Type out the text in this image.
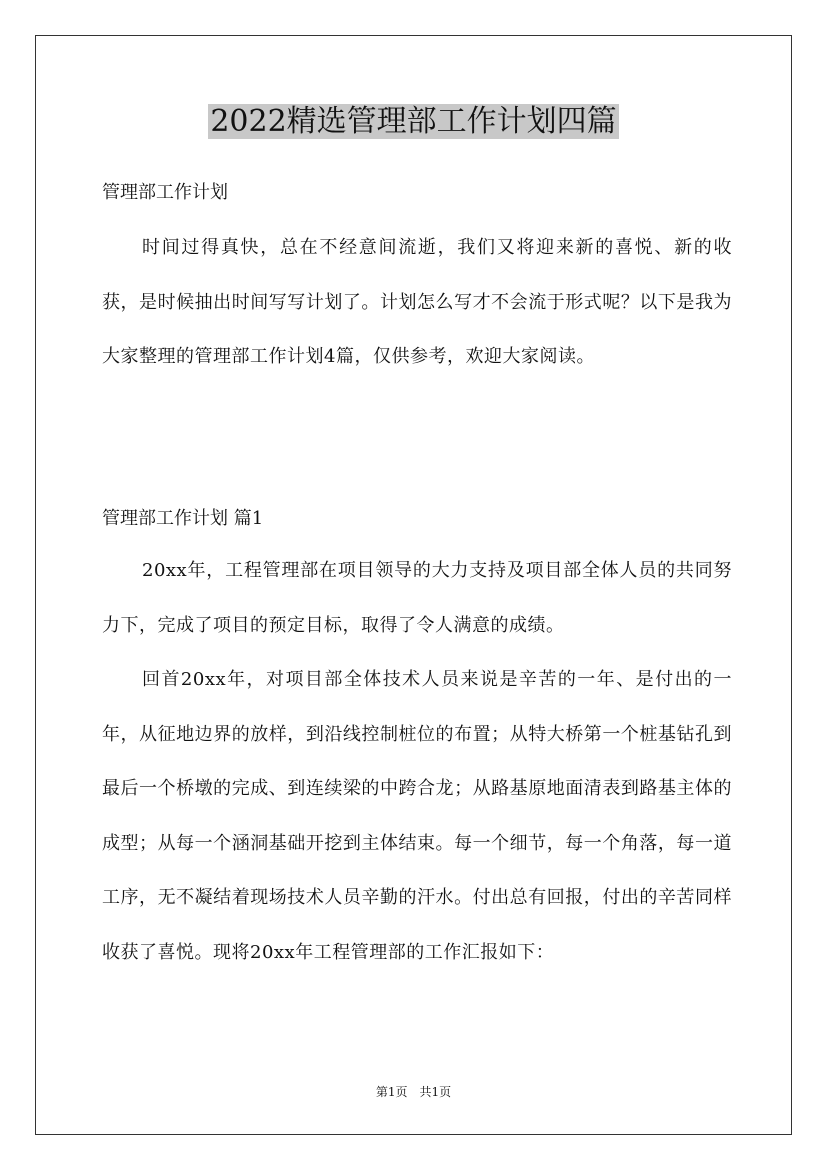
2022精选管理部工作计划四篇
管理部工作计划
时间过得真快，总在不经意间流逝，我们又将迎来新的喜悦、新的收获，是时候抽出时间写写计划了。计划怎么写才不会流于形式呢？以下是我为大家整理的管理部工作计划4篇，仅供参考，欢迎大家阅读。
管理部工作计划 篇1
20xx年，工程管理部在项目领导的大力支持及项目部全体人员的共同努力下，完成了项目的预定目标，取得了令人满意的成绩。
回首20xx年，对项目部全体技术人员来说是辛苦的一年、是付出的一年，从征地边界的放样，到沿线控制桩位的布置；从特大桥第一个桩基钻孔到最后一个桥墩的完成、到连续梁的中跨合龙；从路基原地面清表到路基主体的成型；从每一个涵洞基础开挖到主体结束。每一个细节，每一个角落，每一道工序，无不凝结着现场技术人员辛勤的汗水。付出总有回报，付出的辛苦同样收获了喜悦。现将20xx年工程管理部的工作汇报如下：
第1页　共1页
